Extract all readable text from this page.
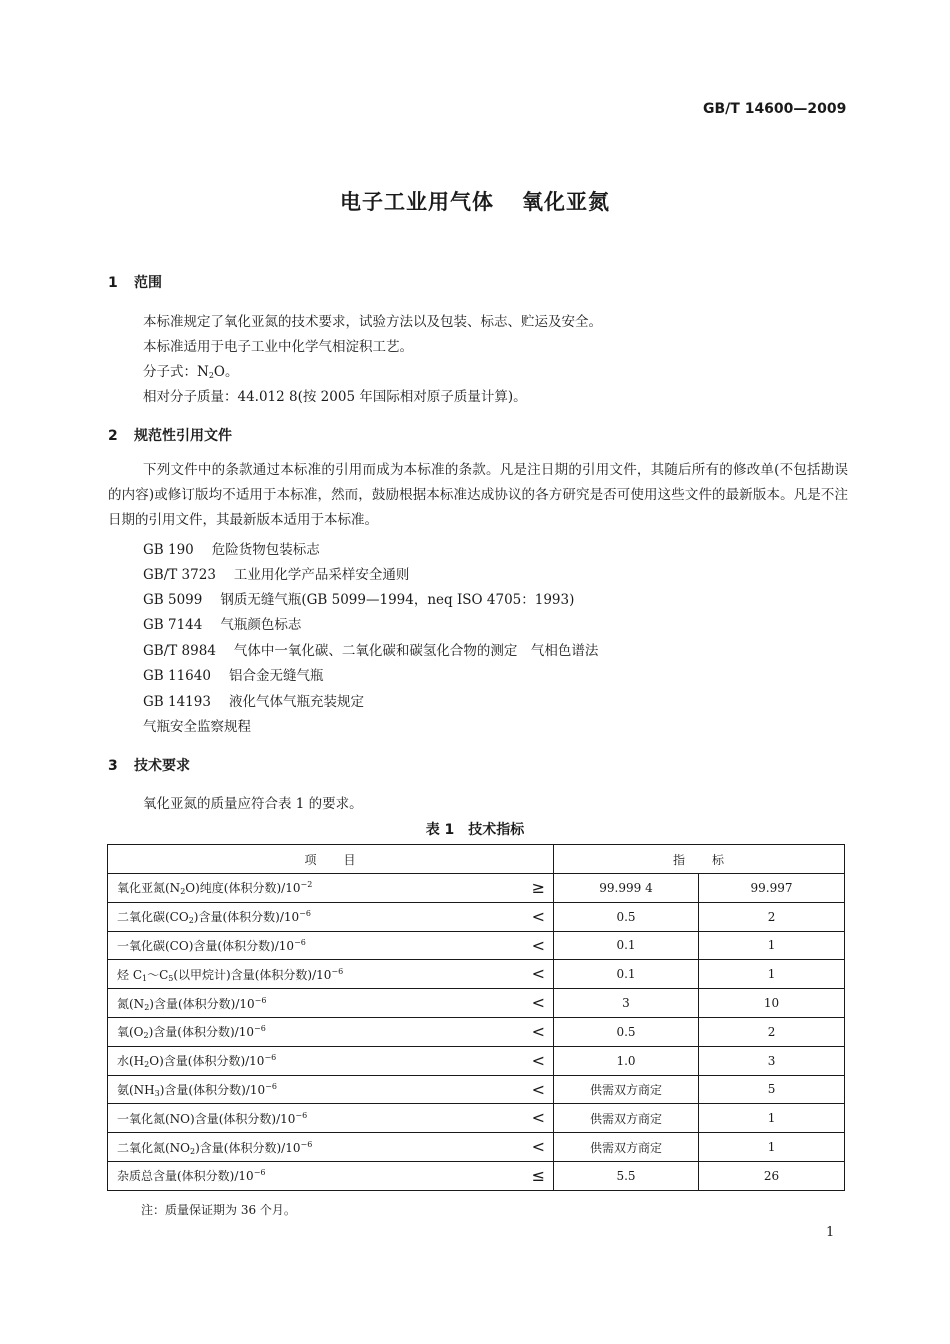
GB/T 14600—2009
电子工业用气体 氧化亚氮
1 范围
本标准规定了氧化亚氮的技术要求，试验方法以及包装、标志、贮运及安全。
本标准适用于电子工业中化学气相淀积工艺。
分子式：$N_2O$。
相对分子质量：44.012 8(按 2005 年国际相对原子质量计算)。
2 规范性引用文件
下列文件中的条款通过本标准的引用而成为本标准的条款。凡是注日期的引用文件，其随后所有的修改单(不包括勘误的内容)或修订版均不适用于本标准，然而，鼓励根据本标准达成协议的各方研究是否可使用这些文件的最新版本。凡是不注日期的引用文件，其最新版本适用于本标准。
GB 190 危险货物包装标志
GB/T 3723 工业用化学产品采样安全通则
GB 5099 钢质无缝气瓶(GB 5099—1994，neq ISO 4705：1993)
GB 7144 气瓶颜色标志
GB/T 8984 气体中一氧化碳、二氧化碳和碳氢化合物的测定　气相色谱法
GB 11640 铝合金无缝气瓶
GB 14193 液化气体气瓶充装规定
气瓶安全监察规程
3 技术要求
氧化亚氮的质量应符合表 1 的要求。
表 1　技术指标
项　　目	指　　标	
氧化亚氮$(N_2O)$纯度(体积分数)$/10^{-2}$ ≥	99.999 4	99.997
二氧化碳$(CO_2)$含量(体积分数)$/10^{-6}$ <	0.5	2
一氧化碳(CO)含量(体积分数)$/10^{-6}$ <	0.1	1
烃 $C_1\sim C_5$(以甲烷计)含量(体积分数)$/10^{-6}$ <	0.1	1
氮$(N_2)$含量(体积分数)$/10^{-6}$ <	3	10
氧$(O_2)$含量(体积分数)$/10^{-6}$ <	0.5	2
水$(H_2O)$含量(体积分数)$/10^{-6}$ <	1.0	3
氨$(NH_3)$含量(体积分数)$/10^{-6}$ <	供需双方商定	5
一氧化氮(NO)含量(体积分数)$/10^{-6}$ <	供需双方商定	1
二氧化氮$(NO_2)$含量(体积分数)$/10^{-6}$ <	供需双方商定	1
杂质总含量(体积分数)$/10^{-6}$ ≤	5.5	26
注：质量保证期为 36 个月。
1
